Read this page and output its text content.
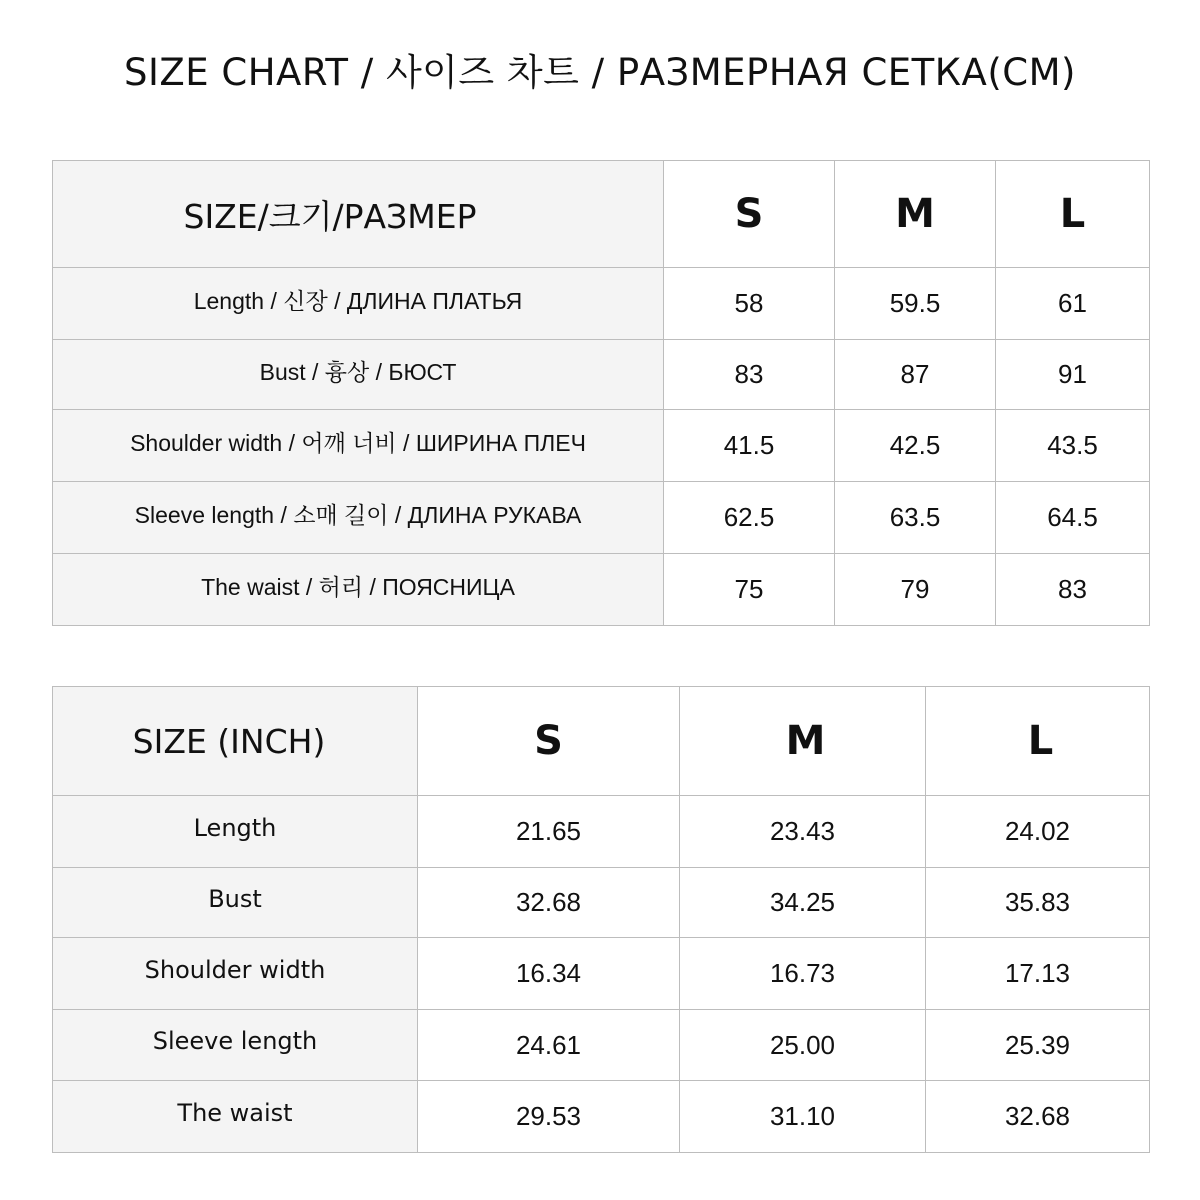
SIZE CHART / 사이즈 차트 / РАЗМЕРНАЯ СЕТКА(CM)
SIZE/크기/РАЗМЕР	S	M	L
Length / 신장 / ДЛИНА ПЛАТЬЯ	58	59.5	61
Bust / 흉상 / БЮСТ	83	87	91
Shoulder width / 어깨 너비 / ШИРИНА ПЛЕЧ	41.5	42.5	43.5
Sleeve length / 소매 길이 / ДЛИНА РУКАВА	62.5	63.5	64.5
The waist / 허리 / ПОЯСНИЦА	75	79	83
SIZE (INCH)	S	M	L
Length	21.65	23.43	24.02
Bust	32.68	34.25	35.83
Shoulder width	16.34	16.73	17.13
Sleeve length	24.61	25.00	25.39
The waist	29.53	31.10	32.68
